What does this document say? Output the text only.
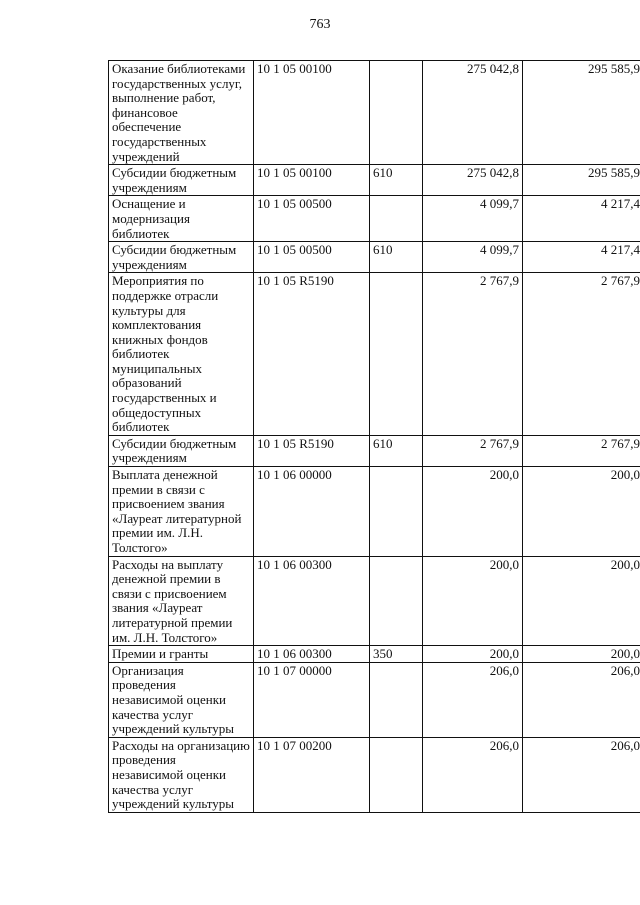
763
Оказание библиотеками государственных услуг, выполнение работ, финансовое обеспечение государственных учреждений	10 1 05 00100		275 042,8	295 585,9
Субсидии бюджетным учреждениям	10 1 05 00100	610	275 042,8	295 585,9
Оснащение и модернизация библиотек	10 1 05 00500		4 099,7	4 217,4
Субсидии бюджетным учреждениям	10 1 05 00500	610	4 099,7	4 217,4
Мероприятия по поддержке отрасли культуры для комплектования книжных фондов библиотек муниципальных образований государственных и общедоступных библиотек	10 1 05 R5190		2 767,9	2 767,9
Субсидии бюджетным учреждениям	10 1 05 R5190	610	2 767,9	2 767,9
Выплата денежной премии в связи с присвоением звания «Лауреат литературной премии им. Л.Н. Толстого»	10 1 06 00000		200,0	200,0
Расходы на выплату денежной премии в связи с присвоением звания «Лауреат литературной премии им. Л.Н. Толстого»	10 1 06 00300		200,0	200,0
Премии и гранты	10 1 06 00300	350	200,0	200,0
Организация проведения независимой оценки качества услуг учреждений культуры	10 1 07 00000		206,0	206,0
Расходы на организацию проведения независимой оценки качества услуг учреждений культуры	10 1 07 00200		206,0	206,0
